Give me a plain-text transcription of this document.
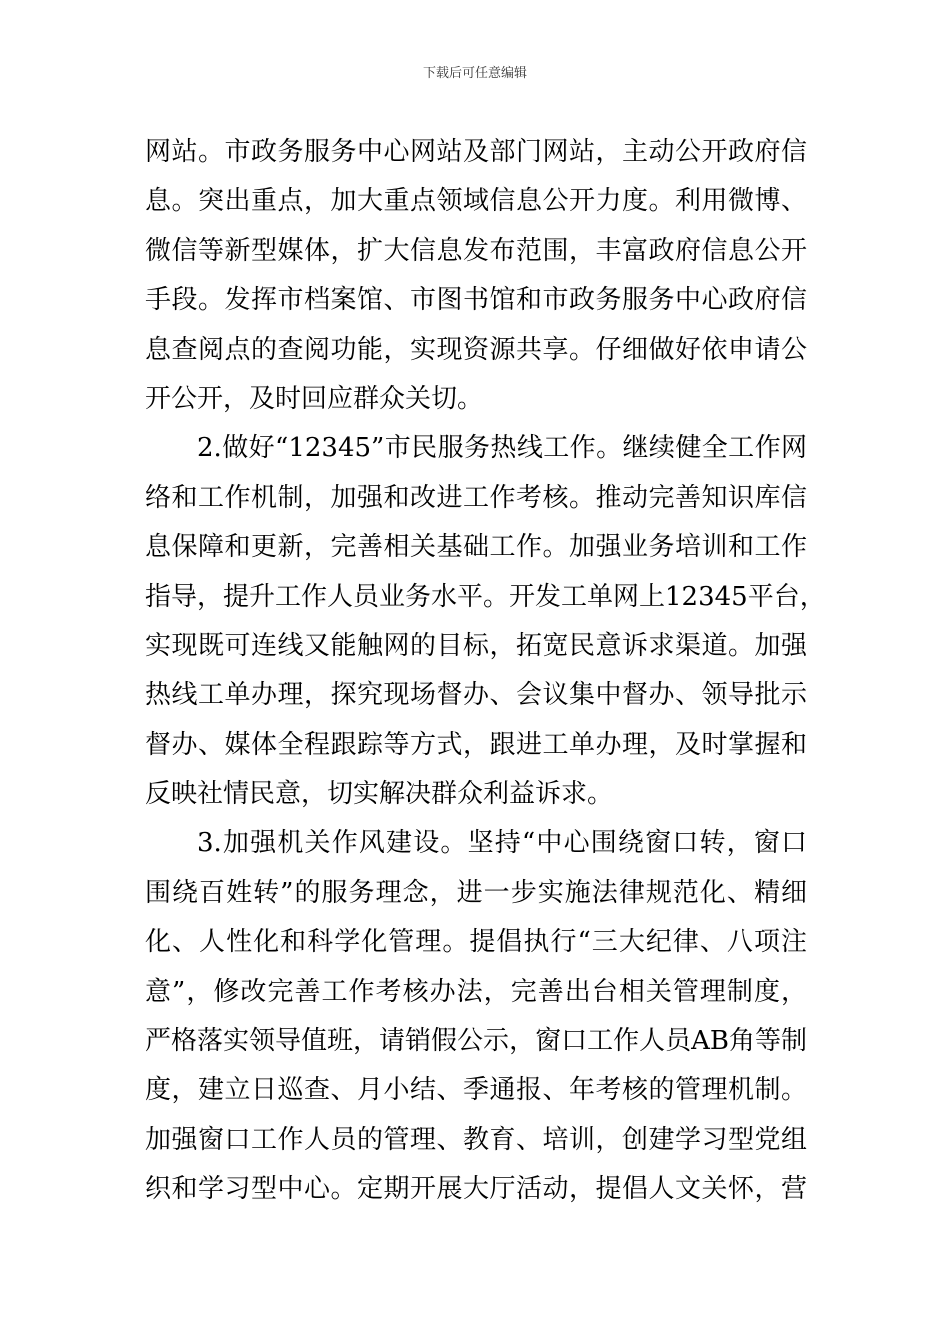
下载后可任意编辑
网站。市政务服务中心网站及部门网站，主动公开政府信
息。突出重点，加大重点领域信息公开力度。利用微博、
微信等新型媒体，扩大信息发布范围，丰富政府信息公开
手段。发挥市档案馆、市图书馆和市政务服务中心政府信
息查阅点的查阅功能，实现资源共享。仔细做好依申请公
开公开，及时回应群众关切。
2.做好“12345”市民服务热线工作。继续健全工作网
络和工作机制，加强和改进工作考核。推动完善知识库信
息保障和更新，完善相关基础工作。加强业务培训和工作
指导，提升工作人员业务水平。开发工单网上12345平台，
实现既可连线又能触网的目标，拓宽民意诉求渠道。加强
热线工单办理，探究现场督办、会议集中督办、领导批示
督办、媒体全程跟踪等方式，跟进工单办理，及时掌握和
反映社情民意，切实解决群众利益诉求。
3.加强机关作风建设。坚持“中心围绕窗口转，窗口
围绕百姓转”的服务理念，进一步实施法律规范化、精细
化、人性化和科学化管理。提倡执行“三大纪律、八项注
意”，修改完善工作考核办法，完善出台相关管理制度，
严格落实领导值班，请销假公示，窗口工作人员AB角等制
度，建立日巡查、月小结、季通报、年考核的管理机制。
加强窗口工作人员的管理、教育、培训，创建学习型党组
织和学习型中心。定期开展大厅活动，提倡人文关怀，营
